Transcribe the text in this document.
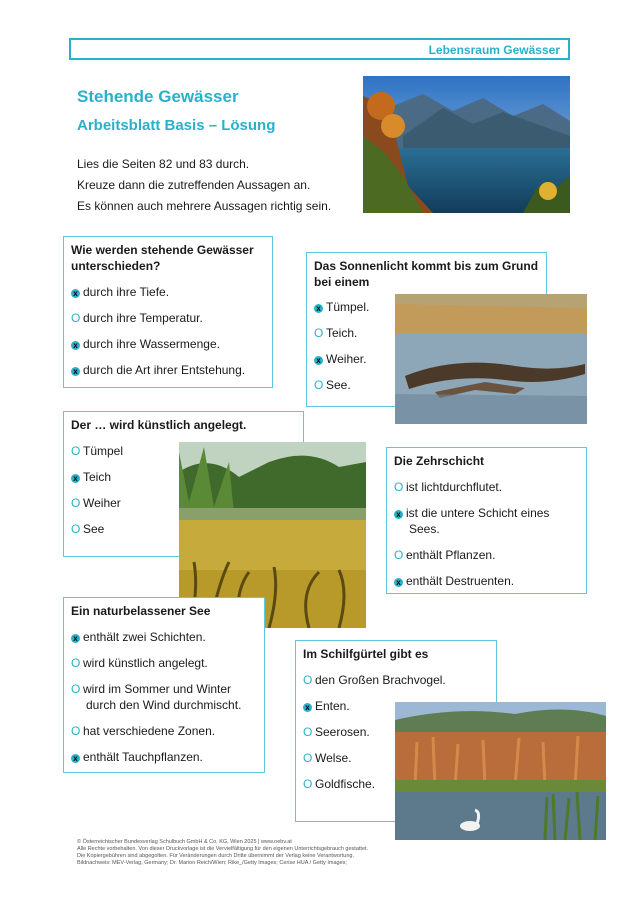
Lebensraum Gewässer
Stehende Gewässer
Arbeitsblatt Basis – Lösung
Lies die Seiten 82 und 83 durch.
Kreuze dann die zutreffenden Aussagen an.
Es können auch mehrere Aussagen richtig sein.
Wie werden stehende Gewässer
unterschieden?
x durch ihre Tiefe.
O durch ihre Temperatur.
x durch ihre Wassermenge.
x durch die Art ihrer Entstehung.
Das Sonnenlicht kommt bis zum Grund
bei einem
x Tümpel.
O Teich.
x Weiher.
O See.
Der … wird künstlich angelegt.
O Tümpel
x Teich
O Weiher
O See
Die Zehrschicht
O ist lichtdurchflutet.
x ist die untere Schicht eines
Sees.
O enthält Pflanzen.
x enthält Destruenten.
Ein naturbelassener See
x enthält zwei Schichten.
O wird künstlich angelegt.
O wird im Sommer und Winter
durch den Wind durchmischt.
O hat verschiedene Zonen.
x enthält Tauchpflanzen.
Im Schilfgürtel gibt es
O den Großen Brachvogel.
x Enten.
O Seerosen.
O Welse.
O Goldfische.
© Österreichischer Bundesverlag Schulbuch GmbH & Co. KG, Wien 2025 | www.oebv.at
Alle Rechte vorbehalten. Von dieser Druckvorlage ist die Vervielfältigung für den eigenen Unterrichtsgebrauch gestattet.
Die Kopiergebühren sind abgegolten. Für Veränderungen durch Dritte übernimmt der Verlag keine Verantwortung.
Bildnachweis: MEV-Verlag, Germany; Dr. Marion Reich/Wien; Rike_/Getty Images; Cerise HUA / Getty Images;
